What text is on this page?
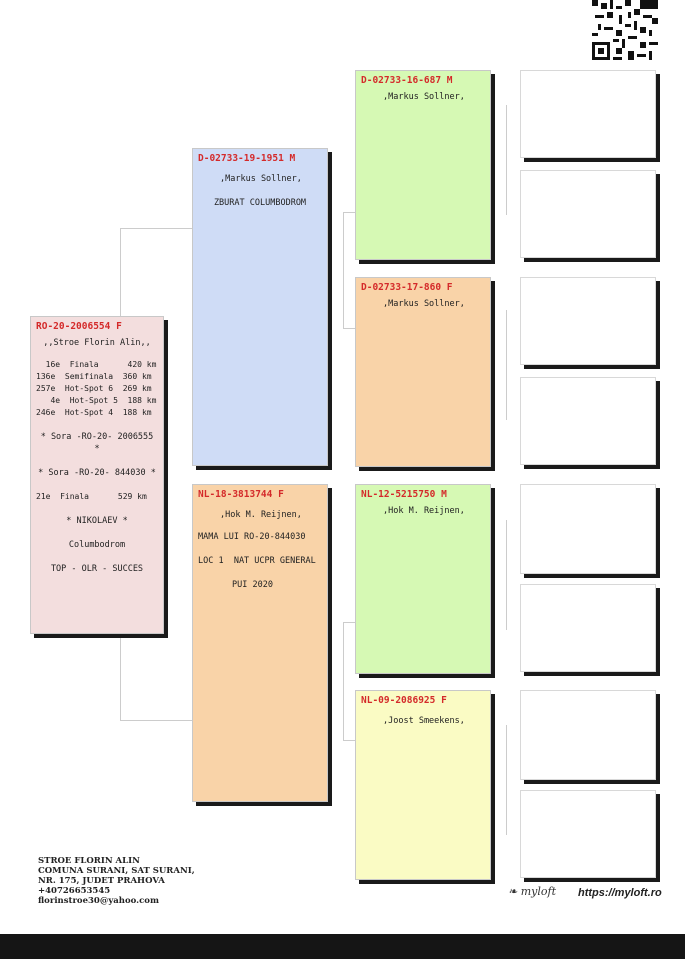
RO-20-2006554 F
,,Stroe Florin Alin,,
16e  Finala      420 km
136e  Semifinala  360 km
257e  Hot-Spot 6  269 km
4e  Hot-Spot 5  188 km
246e  Hot-Spot 4  188 km
* Sora -RO-20- 2006555 *
* Sora -RO-20- 844030 *
21e  Finala      529 km
* NIKOLAEV *
Columbodrom
TOP - OLR - SUCCES
D-02733-19-1951 M
,Markus Sollner,
ZBURAT COLUMBODROM
NL-18-3813744 F
,Hok M. Reijnen,
MAMA LUI RO-20-844030
LOC 1  NAT UCPR GENERAL
PUI 2020
D-02733-16-687 M
,Markus Sollner,
D-02733-17-860 F
,Markus Sollner,
NL-12-5215750 M
,Hok M. Reijnen,
NL-09-2086925 F
,Joost Smeekens,
STROE FLORIN ALIN
COMUNA SURANI, SAT SURANI,
NR. 175, JUDET PRAHOVA
+40726653545
florinstroe30@yahoo.com
❧ myloft https://myloft.ro
